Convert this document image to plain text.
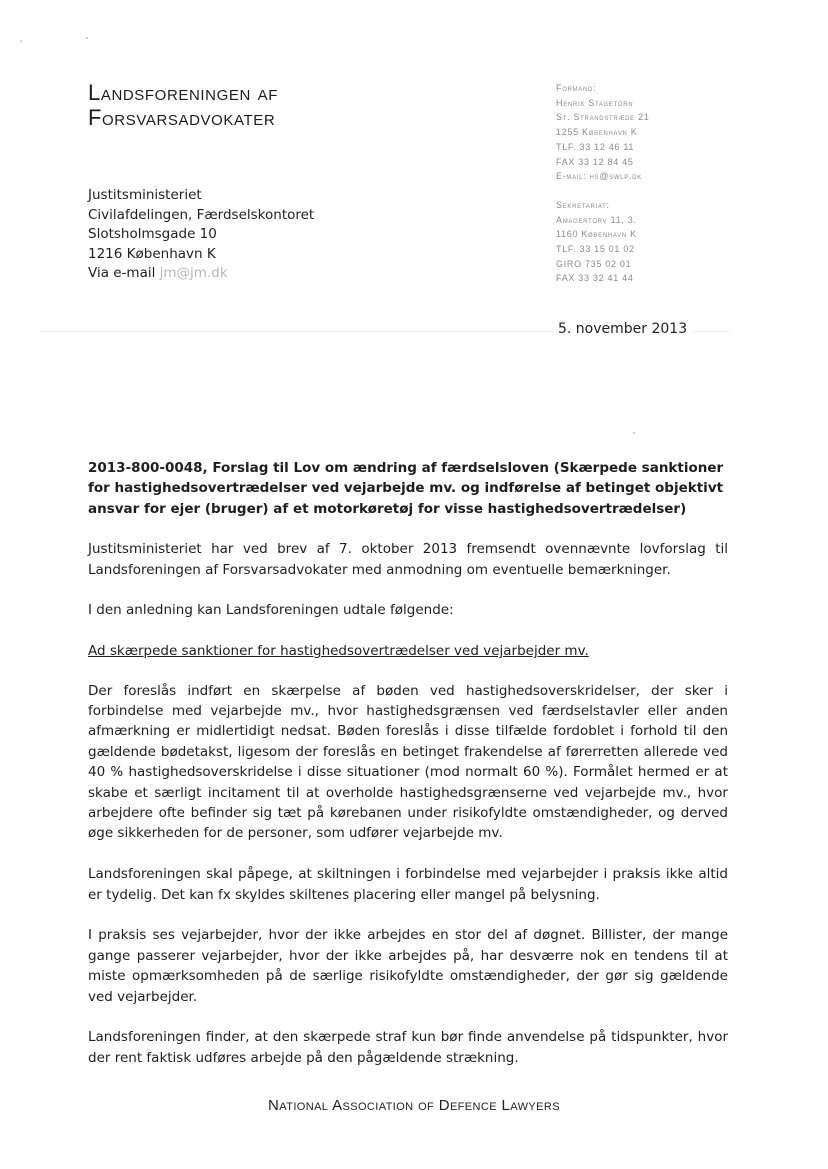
Landsforeningen af
Forsvarsadvokater
Formand:
Henrik Stagetorn
St. Strandstræde 21
1255 København K
TLF. 33 12 46 11
FAX 33 12 84 45
E-mail: hs@swlp.dk
Sekretariat:
Amagertorv 11, 3.
1160 København K
TLF. 33 15 01 02
GIRO 735 02 01
FAX 33 32 41 44
Justitsministeriet
Civilafdelingen, Færdselskontoret
Slotsholmsgade 10
1216 København K
Via e-mail jm@jm.dk
5. november 2013

2013-800-0048, Forslag til Lov om ændring af færdselsloven (Skærpede sanktioner for hastighedsovertrædelser ved vejarbejde mv. og indførelse af betinget objektivt ansvar for ejer (bruger) af et motorkøretøj for visse hastighedsovertrædelser)

Justitsministeriet har ved brev af 7. oktober 2013 fremsendt ovennævnte lovforslag til Landsforeningen af Forsvarsadvokater med anmodning om eventuelle bemærkninger.

I den anledning kan Landsforeningen udtale følgende:

Ad skærpede sanktioner for hastighedsovertrædelser ved vejarbejder mv.

Der foreslås indført en skærpelse af bøden ved hastighedsoverskridelser, der sker i forbindelse med vejarbejde mv., hvor hastighedsgrænsen ved færdselstavler eller anden afmærkning er midlertidigt nedsat. Bøden foreslås i disse tilfælde fordoblet i forhold til den gældende bødetakst, ligesom der foreslås en betinget frakendelse af førerretten allerede ved 40 % hastighedsoverskridelse i disse situationer (mod normalt 60 %). Formålet hermed er at skabe et særligt incitament til at overholde hastighedsgrænserne ved vejarbejde mv., hvor arbejdere ofte befinder sig tæt på kørebanen under risikofyldte omstændigheder, og derved øge sikkerheden for de personer, som udfører vejarbejde mv.

Landsforeningen skal påpege, at skiltningen i forbindelse med vejarbejder i praksis ikke altid er tydelig. Det kan fx skyldes skiltenes placering eller mangel på belysning.

I praksis ses vejarbejder, hvor der ikke arbejdes en stor del af døgnet. Billister, der mange gange passerer vejarbejder, hvor der ikke arbejdes på, har desværre nok en tendens til at miste opmærksomheden på de særlige risikofyldte omstændigheder, der gør sig gældende ved vejarbejder.

Landsforeningen finder, at den skærpede straf kun bør finde anvendelse på tidspunkter, hvor der rent faktisk udføres arbejde på den pågældende strækning.

National Association of Defence Lawyers
